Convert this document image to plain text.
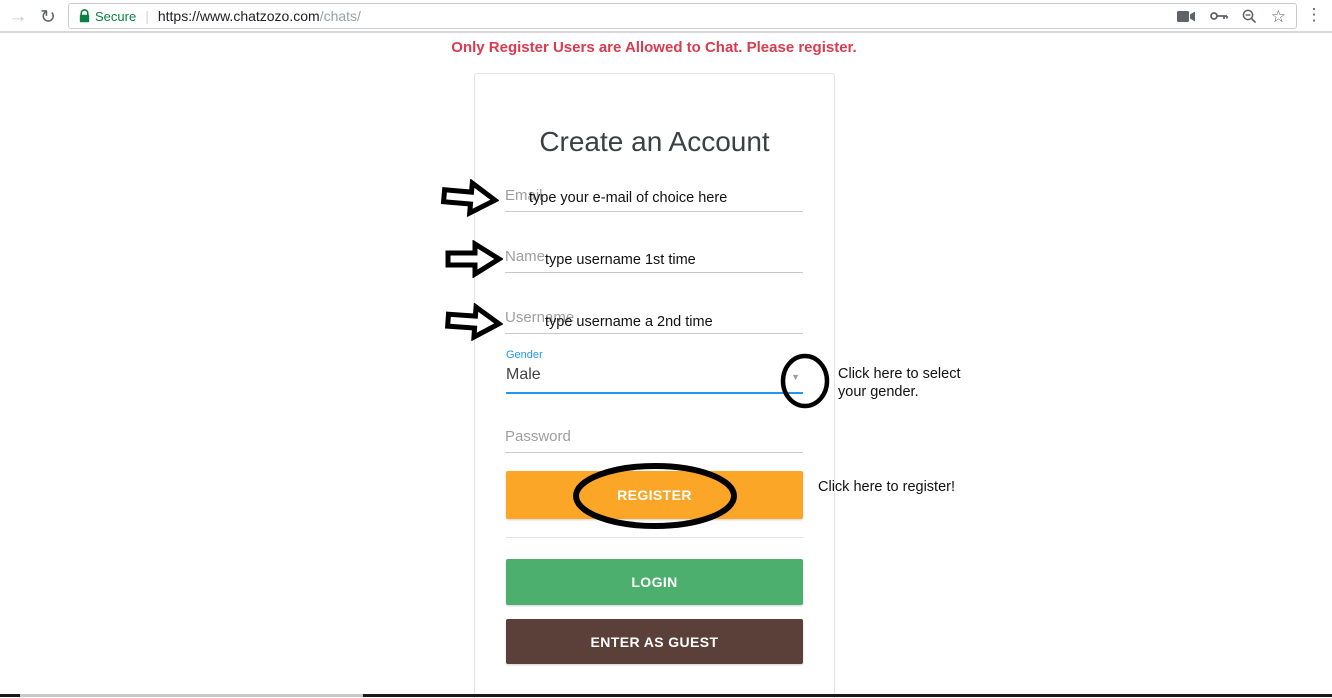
→ ↻	Secure | https://www.chatzozo.com/chats/	☆ ⋮
Only Register Users are Allowed to Chat. Please register.
Create an Account
Email
Name
Username
Gender
Male	▼
Password
REGISTER
LOGIN
ENTER AS GUEST
type your e-mail of choice here
type username 1st time
type username a 2nd time
Click here to select your gender.
Click here to register!
